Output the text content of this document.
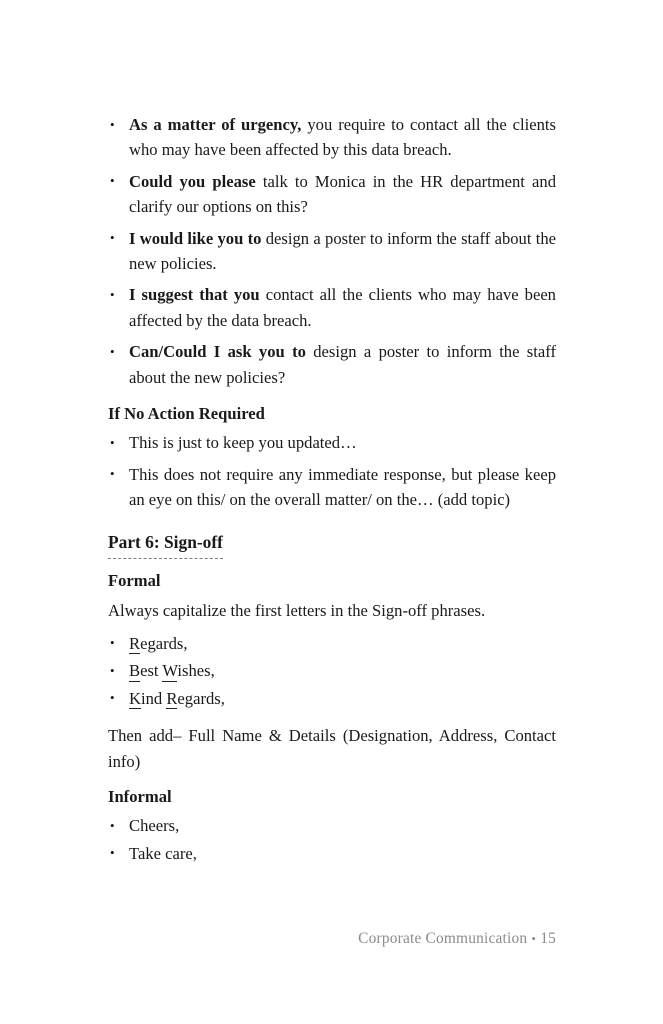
• As a matter of urgency, you require to contact all the clients who may have been affected by this data breach.
• Could you please talk to Monica in the HR department and clarify our options on this?
• I would like you to design a poster to inform the staff about the new policies.
• I suggest that you contact all the clients who may have been affected by the data breach.
• Can/Could I ask you to design a poster to inform the staff about the new policies?
If No Action Required
• This is just to keep you updated…
• This does not require any immediate response, but please keep an eye on this/ on the overall matter/ on the… (add topic)
Part 6: Sign-off
Formal

Always capitalize the first letters in the Sign-off phrases.

• Regards,
• Best Wishes,
• Kind Regards,

Then add– Full Name & Details (Designation, Address, Contact info)

Informal
• Cheers,
• Take care,
Corporate Communication • 15
